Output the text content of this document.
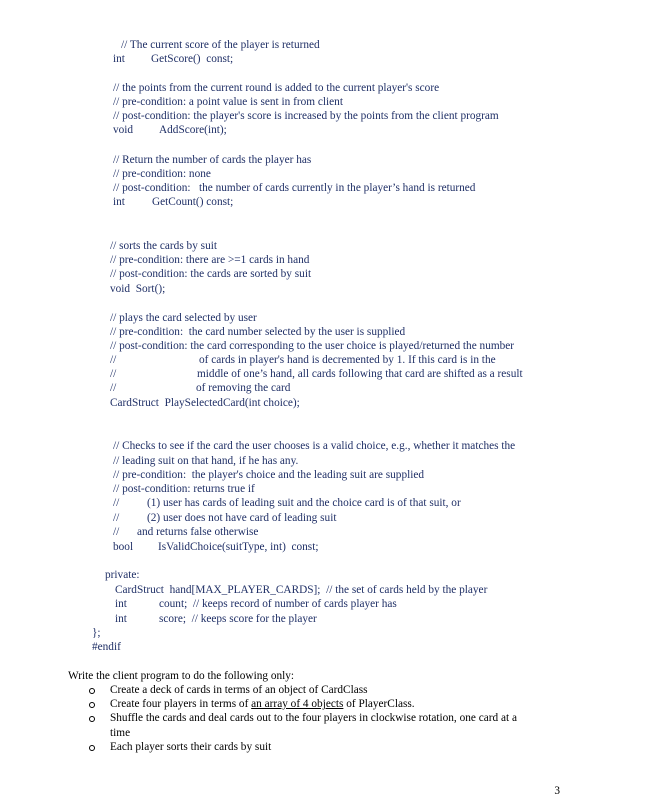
// The current score of the player is returned
int GetScore()  const;
// the points from the current round is added to the current player's score
// pre-condition: a point value is sent in from client
// post-condition: the player's score is increased by the points from the client program
void AddScore(int);
// Return the number of cards the player has
// pre-condition: none
// post-condition:   the number of cards currently in the player’s hand is returned
int GetCount() const;
// sorts the cards by suit
// pre-condition: there are >=1 cards in hand
// post-condition: the cards are sorted by suit
void  Sort();
// plays the card selected by user
// pre-condition:  the card number selected by the user is supplied
// post-condition: the card corresponding to the user choice is played/returned the number
//	of cards in player's hand is decremented by 1. If this card is in the
//	middle of one’s hand, all cards following that card are shifted as a result
//	of removing the card
CardStruct  PlaySelectedCard(int choice);
// Checks to see if the card the user chooses is a valid choice, e.g., whether it matches the
// leading suit on that hand, if he has any.
// pre-condition:  the player's choice and the leading suit are supplied
// post-condition: returns true if
// (1) user has cards of leading suit and the choice card is of that suit, or
// (2) user does not have card of leading suit
// and returns false otherwise
bool IsValidChoice(suitType, int)  const;
private:
CardStruct  hand[MAX_PLAYER_CARDS];  // the set of cards held by the player
int	count;  // keeps record of number of cards player has
int	score;  // keeps score for the player
};
#endif
Write the client program to do the following only:
Create a deck of cards in terms of an object of CardClass
Create four players in terms of an array of 4 objects of PlayerClass.
Shuffle the cards and deal cards out to the four players in clockwise rotation, one card at a
time
Each player sorts their cards by suit
3
